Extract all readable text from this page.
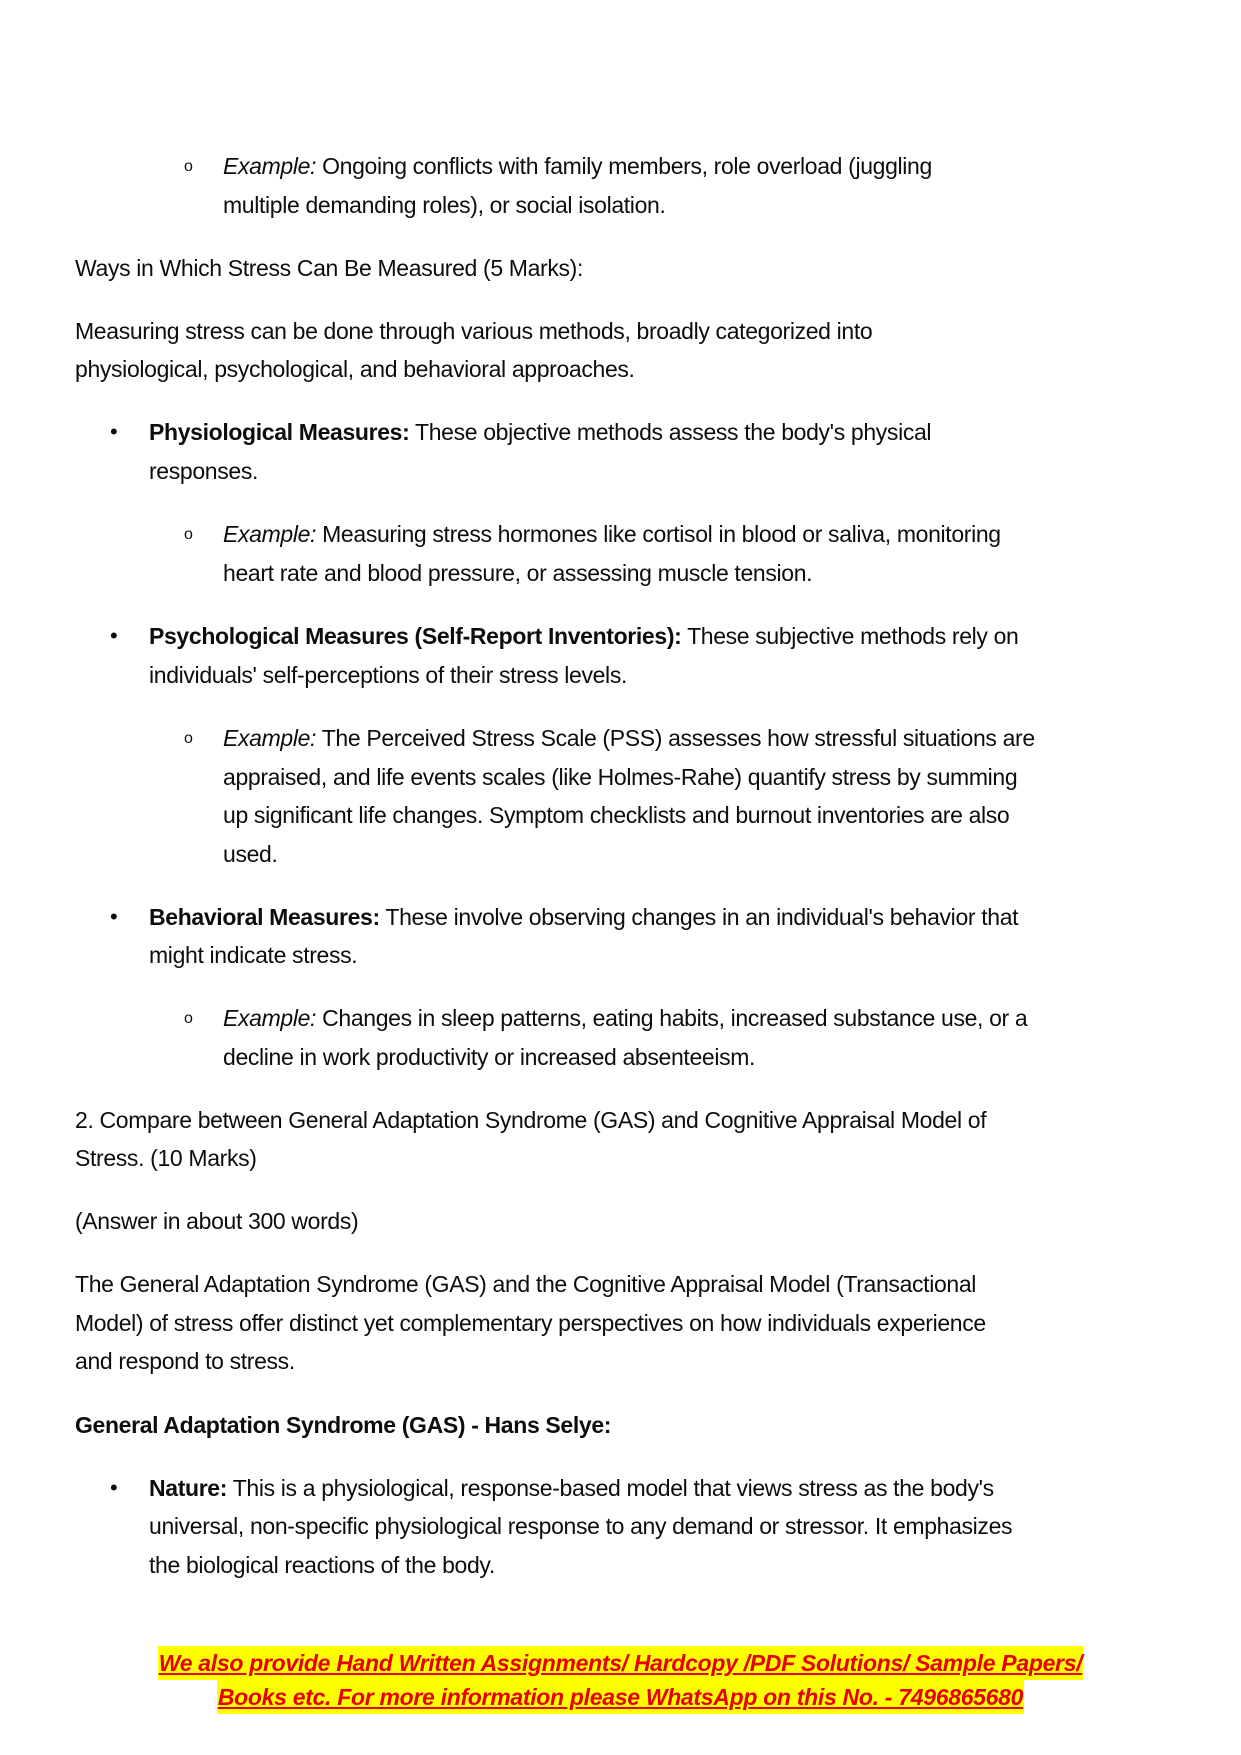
o Example: Ongoing conflicts with family members, role overload (juggling
multiple demanding roles), or social isolation.
Ways in Which Stress Can Be Measured (5 Marks):
Measuring stress can be done through various methods, broadly categorized into
physiological, psychological, and behavioral approaches.
• Physiological Measures: These objective methods assess the body's physical
responses.
o Example: Measuring stress hormones like cortisol in blood or saliva, monitoring
heart rate and blood pressure, or assessing muscle tension.
• Psychological Measures (Self-Report Inventories): These subjective methods rely on
individuals' self-perceptions of their stress levels.
o Example: The Perceived Stress Scale (PSS) assesses how stressful situations are
appraised, and life events scales (like Holmes-Rahe) quantify stress by summing
up significant life changes. Symptom checklists and burnout inventories are also
used.
• Behavioral Measures: These involve observing changes in an individual's behavior that
might indicate stress.
o Example: Changes in sleep patterns, eating habits, increased substance use, or a
decline in work productivity or increased absenteeism.
2. Compare between General Adaptation Syndrome (GAS) and Cognitive Appraisal Model of
Stress. (10 Marks)
(Answer in about 300 words)
The General Adaptation Syndrome (GAS) and the Cognitive Appraisal Model (Transactional
Model) of stress offer distinct yet complementary perspectives on how individuals experience
and respond to stress.
General Adaptation Syndrome (GAS) - Hans Selye:
• Nature: This is a physiological, response-based model that views stress as the body's
universal, non-specific physiological response to any demand or stressor. It emphasizes
the biological reactions of the body.
We also provide Hand Written Assignments/ Hardcopy /PDF Solutions/ Sample Papers/
Books etc. For more information please WhatsApp on this No. - 7496865680
